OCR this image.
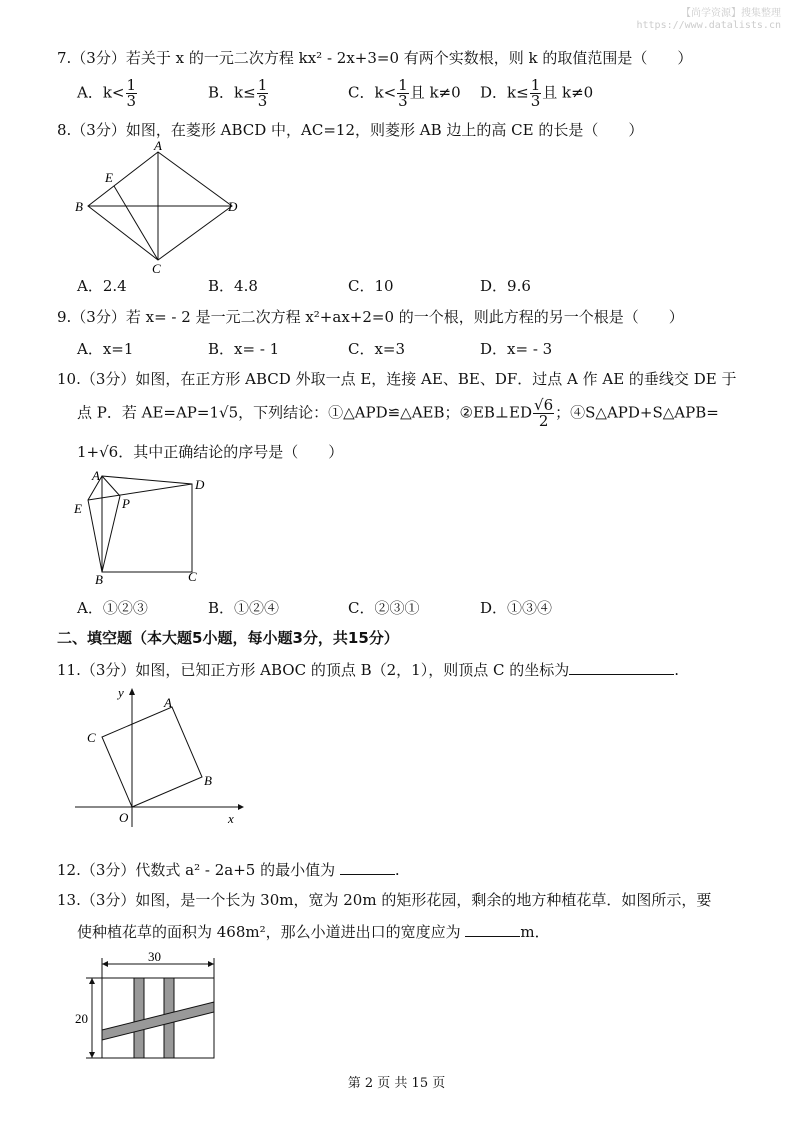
【尚学资源】搜集整理
https://www.datalists.cn
7.（3分）若关于 x 的一元二次方程 kx² - 2x+3=0 有两个实数根，则 k 的取值范围是（　　）
A．$k< \frac{1}{3}$	B．$k\le \frac{1}{3}$	C．$k< \frac{1}{3}$ 且 k≠0 D．$k\le \frac{1}{3}$ 且 k≠0
8.（3分）如图，在菱形 ABCD 中，AC=12，则菱形 AB 边上的高 CE 的长是（　　）
A
B
C
D
E
A．2.4	B．4.8	C．10	D．9.6
9.（3分）若 x= - 2 是一元二次方程 x²+ax+2=0 的一个根，则此方程的另一个根是（　　）
A．x=1	B．x= - 1	C．x=3	D．x= - 3
10.（3分）如图，在正方形 ABCD 外取一点 E，连接 AE、BE、DF．过点 A 作 AE 的垂线交 DE 于
点 P．若 AE=AP=1√5，下列结论：①△APD≌△AEB；②EB⊥ED $\frac{√6}{2}$ ；④S△APD+S△APB=
1+√6．其中正确结论的序号是（　　）
A
E	P
D
B	C
A．①②③	B．①②④	C．②③①	D．①③④
二、填空题（本大题5小题，每小题3分，共15分）
11.（3分）如图，已知正方形 ABOC 的顶点 B（2，1），则顶点 C 的坐标为	.
y
x
O
A
B
C
12.（3分）代数式 a² - 2a+5 的最小值为	.
13.（3分）如图，是一个长为 30m，宽为 20m 的矩形花园，剩余的地方种植花草．如图所示，要
使种植花草的面积为 468m²，那么小道进出口的宽度应为	m．
30
20
第 2 页 共 15 页
